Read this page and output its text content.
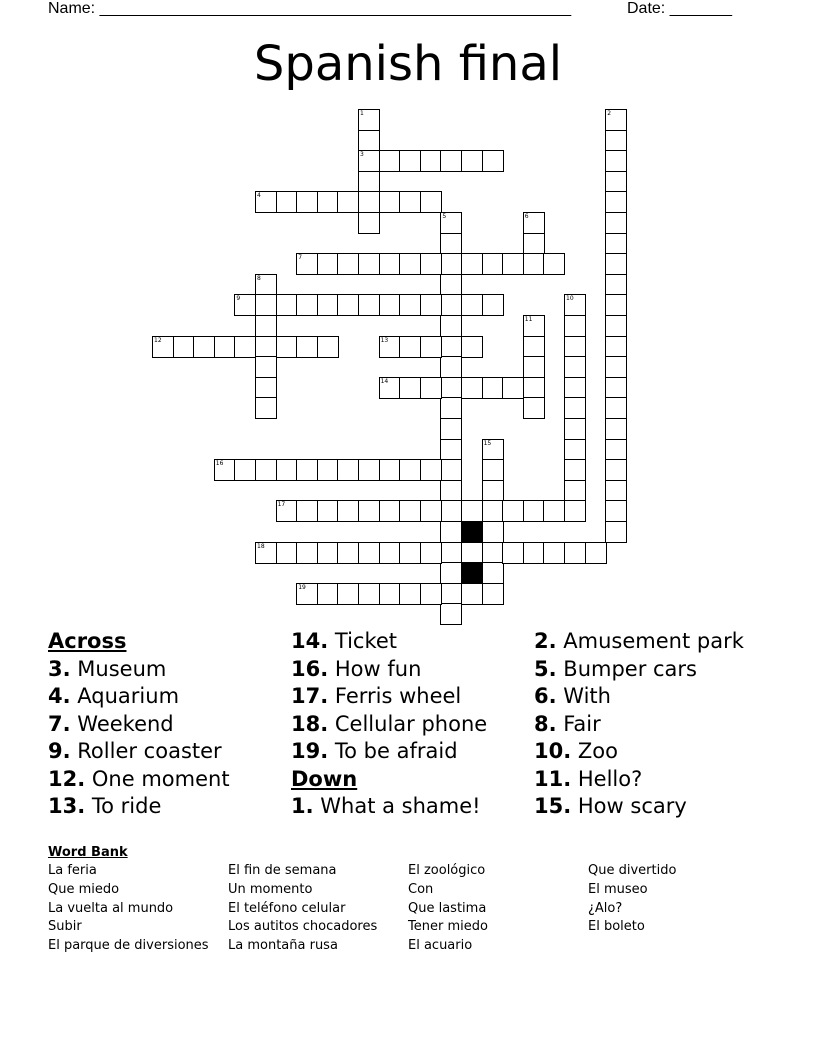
Name: _____________________________________________________	Date: _______
Spanish final
1	2
3
4
5	6
7
8
9	10
11
12	13
14
15
16
17
18
19
Across
3. Museum
4. Aquarium
7. Weekend
9. Roller coaster
12. One moment
13. To ride
14. Ticket
16. How fun
17. Ferris wheel
18. Cellular phone
19. To be afraid
Down
1. What a shame!
2. Amusement park
5. Bumper cars
6. With
8. Fair
10. Zoo
11. Hello?
15. How scary
Word Bank
La feria
Que miedo
La vuelta al mundo
Subir
El parque de diversiones
El fin de semana
Un momento
El teléfono celular
Los autitos chocadores
La montaña rusa
El zoológico
Con
Que lastima
Tener miedo
El acuario
Que divertido
El museo
¿Alo?
El boleto
